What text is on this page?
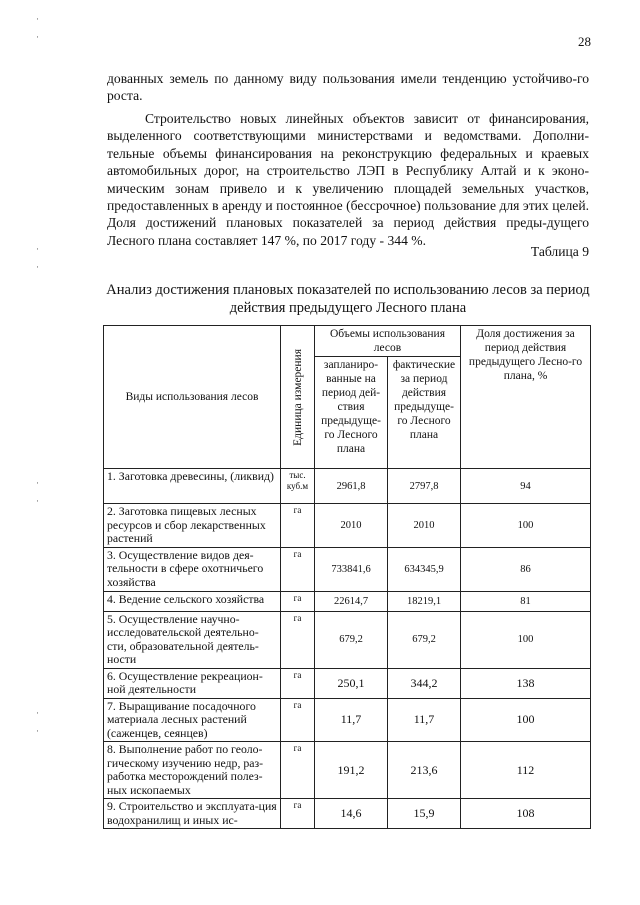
·
·
·
·
·
·
·
·
28

дованных земель по данному виду пользования имели тенденцию устойчиво-го роста.

Строительство новых линейных объектов зависит от финансирования, выделенного соответствующими министерствами и ведомствами. Дополни-тельные объемы финансирования на реконструкцию федеральных и краевых автомобильных дорог, на строительство ЛЭП в Республику Алтай и к эконо-мическим зонам привело и к увеличению площадей земельных участков, предоставленных в аренду и постоянное (бессрочное) пользование для этих целей. Доля достижений плановых показателей за период действия преды-дущего Лесного плана составляет 147 %, по 2017 году - 344 %.

Таблица 9
Анализ достижения плановых показателей по использованию лесов за период действия предыдущего Лесного плана
Виды использования лесов	Единица измерения	Объемы использования лесов		Доля достижения за период действия предыдущего Лесно-го плана, %
		запланиро-ванные на период дей-ствия предыдуще-го Лесного плана	фактические за период действия предыдуще-го Лесного плана	
1. Заготовка древесины, (ликвид)	тыс. куб.м	2961,8	2797,8	94
2. Заготовка пищевых лесных ресурсов и сбор лекарственных растений	га	2010	2010	100
3. Осуществление видов дея-тельности в сфере охотничьего хозяйства	га	733841,6	634345,9	86
4. Ведение сельского хозяйства	га	22614,7	18219,1	81
5. Осуществление научно-исследовательской деятельно-сти, образовательной деятель-ности	га	679,2	679,2	100
6. Осуществление рекреацион-ной деятельности	га	250,1	344,2	138
7. Выращивание посадочного материала лесных растений (саженцев, сеянцев)	га	11,7	11,7	100
8. Выполнение работ по геоло-гическому изучению недр, раз-работка месторождений полез-ных ископаемых	га	191,2	213,6	112
9. Строительство и эксплуата-ция водохранилищ и иных ис-	га	14,6	15,9	108
